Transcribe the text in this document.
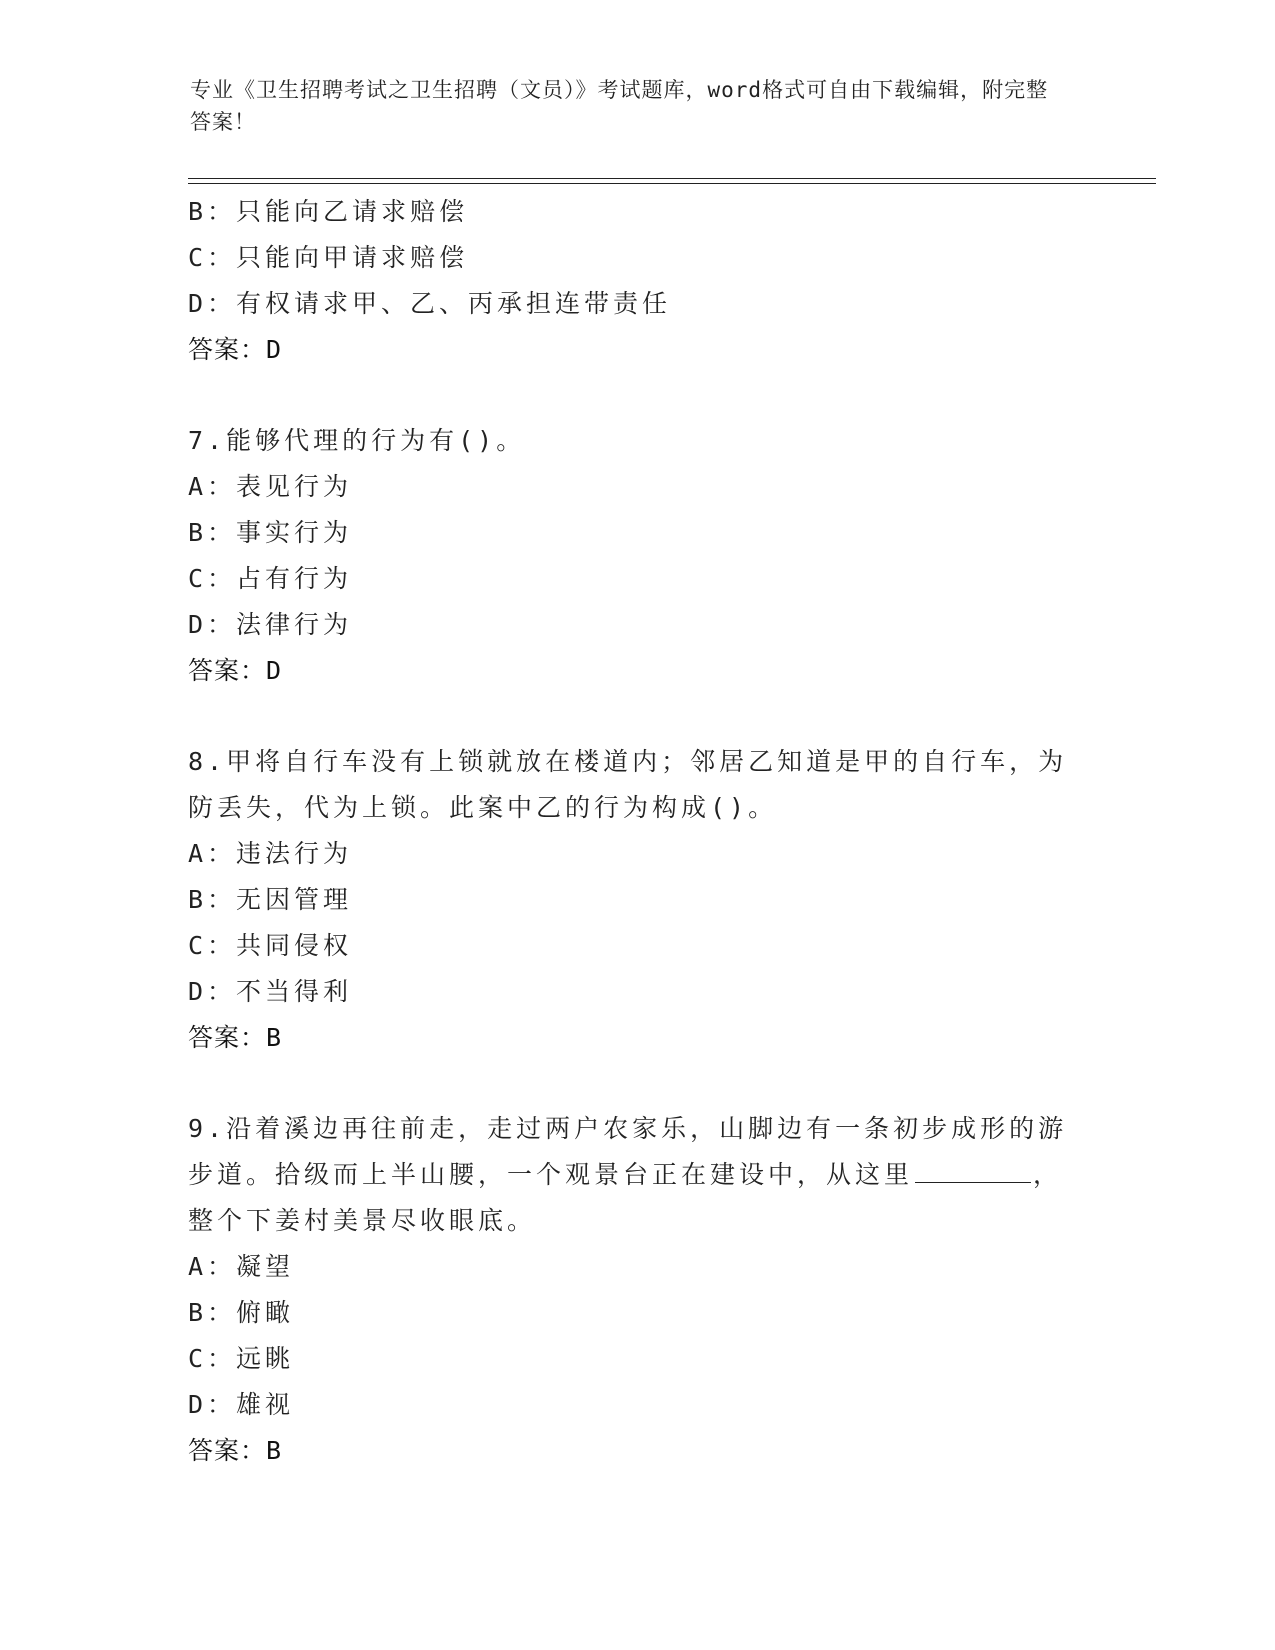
专业《卫生招聘考试之卫生招聘（文员）》考试题库，word格式可自由下载编辑，附完整答案！
B：只能向乙请求赔偿
C：只能向甲请求赔偿
D：有权请求甲、乙、丙承担连带责任
答案：D
7.能够代理的行为有()。
A：表见行为
B：事实行为
C：占有行为
D：法律行为
答案：D
8.甲将自行车没有上锁就放在楼道内；邻居乙知道是甲的自行车，为防丢失，代为上锁。此案中乙的行为构成()。
A：违法行为
B：无因管理
C：共同侵权
D：不当得利
答案：B
9.沿着溪边再往前走，走过两户农家乐，山脚边有一条初步成形的游步道。拾级而上半山腰，一个观景台正在建设中，从这里	，整个下姜村美景尽收眼底。
A：凝望
B：俯瞰
C：远眺
D：雄视
答案：B
